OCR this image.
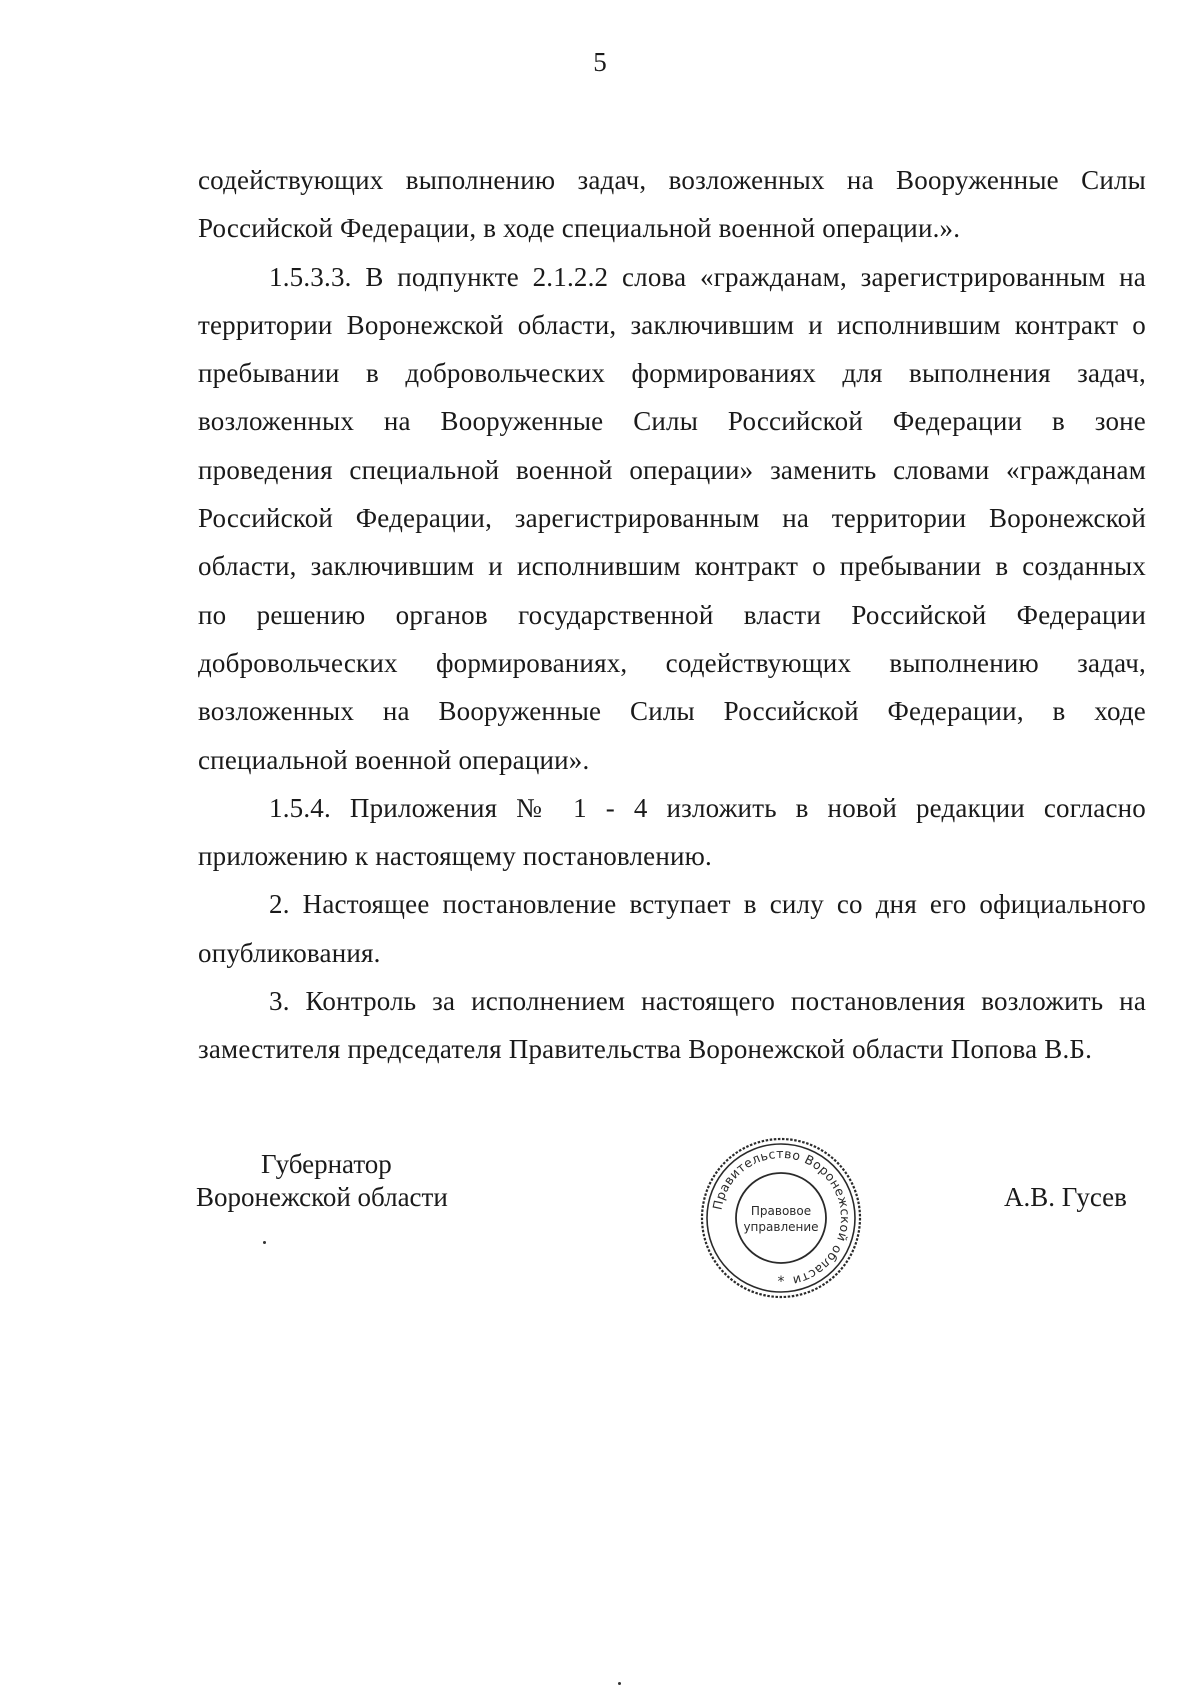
5

содействующих выполнению задач, возложенных на Вооруженные Силы
Российской Федерации, в ходе специальной военной операции.».

1.5.3.3. В подпункте 2.1.2.2 слова «гражданам, зарегистрированным на
территории Воронежской области, заключившим и исполнившим контракт о
пребывании в добровольческих формированиях для выполнения задач,
возложенных на Вооруженные Силы Российской Федерации в зоне
проведения специальной военной операции» заменить словами «гражданам
Российской Федерации, зарегистрированным на территории Воронежской
области, заключившим и исполнившим контракт о пребывании в созданных
по решению органов государственной власти Российской Федерации
добровольческих формированиях, содействующих выполнению задач,
возложенных на Вооруженные Силы Российской Федерации, в ходе
специальной военной операции».

1.5.4. Приложения № 1 - 4 изложить в новой редакции согласно
приложению к настоящему постановлению.

2. Настоящее постановление вступает в силу со дня его официального
опубликования.

3. Контроль за исполнением настоящего постановления возложить на
заместителя председателя Правительства Воронежской области Попова В.Б.

Губернатор
Воронежской области	Правительство Воронежской области
Правовое
управление
*
А.В. Гусев
